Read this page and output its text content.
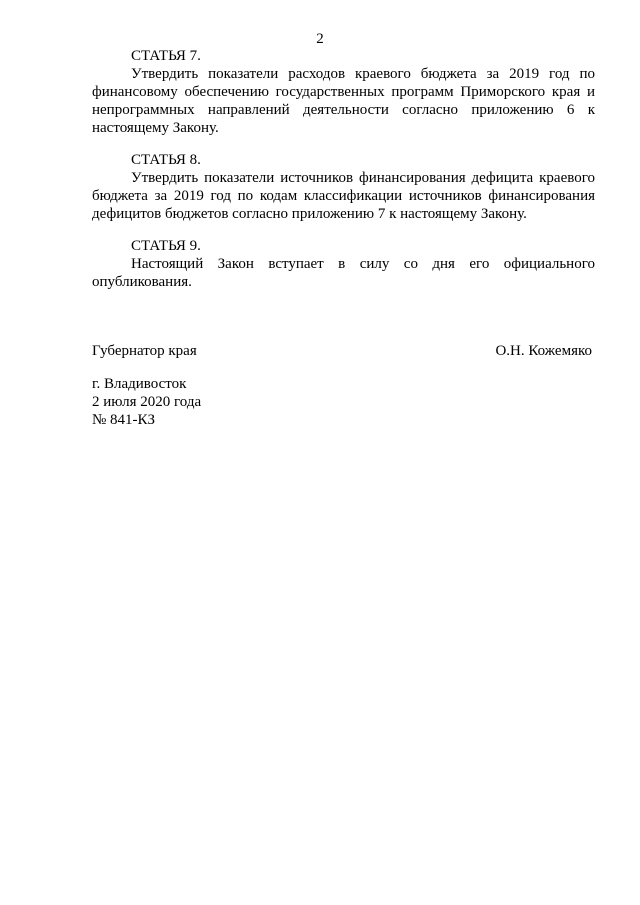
2
СТАТЬЯ 7.

Утвердить показатели расходов краевого бюджета за 2019 год по финансовому обеспечению государственных программ Приморского края и непрограммных направлений деятельности согласно приложению 6 к настоящему Закону.

СТАТЬЯ 8.

Утвердить показатели источников финансирования дефицита краевого бюджета за 2019 год по кодам классификации источников финансирования дефицитов бюджетов согласно приложению 7 к настоящему Закону.

СТАТЬЯ 9.

Настоящий Закон вступает в силу со дня его официального опубликования.

Губернатор края	О.Н. Кожемяко
г. Владивосток
2 июля 2020 года
№ 841-КЗ
